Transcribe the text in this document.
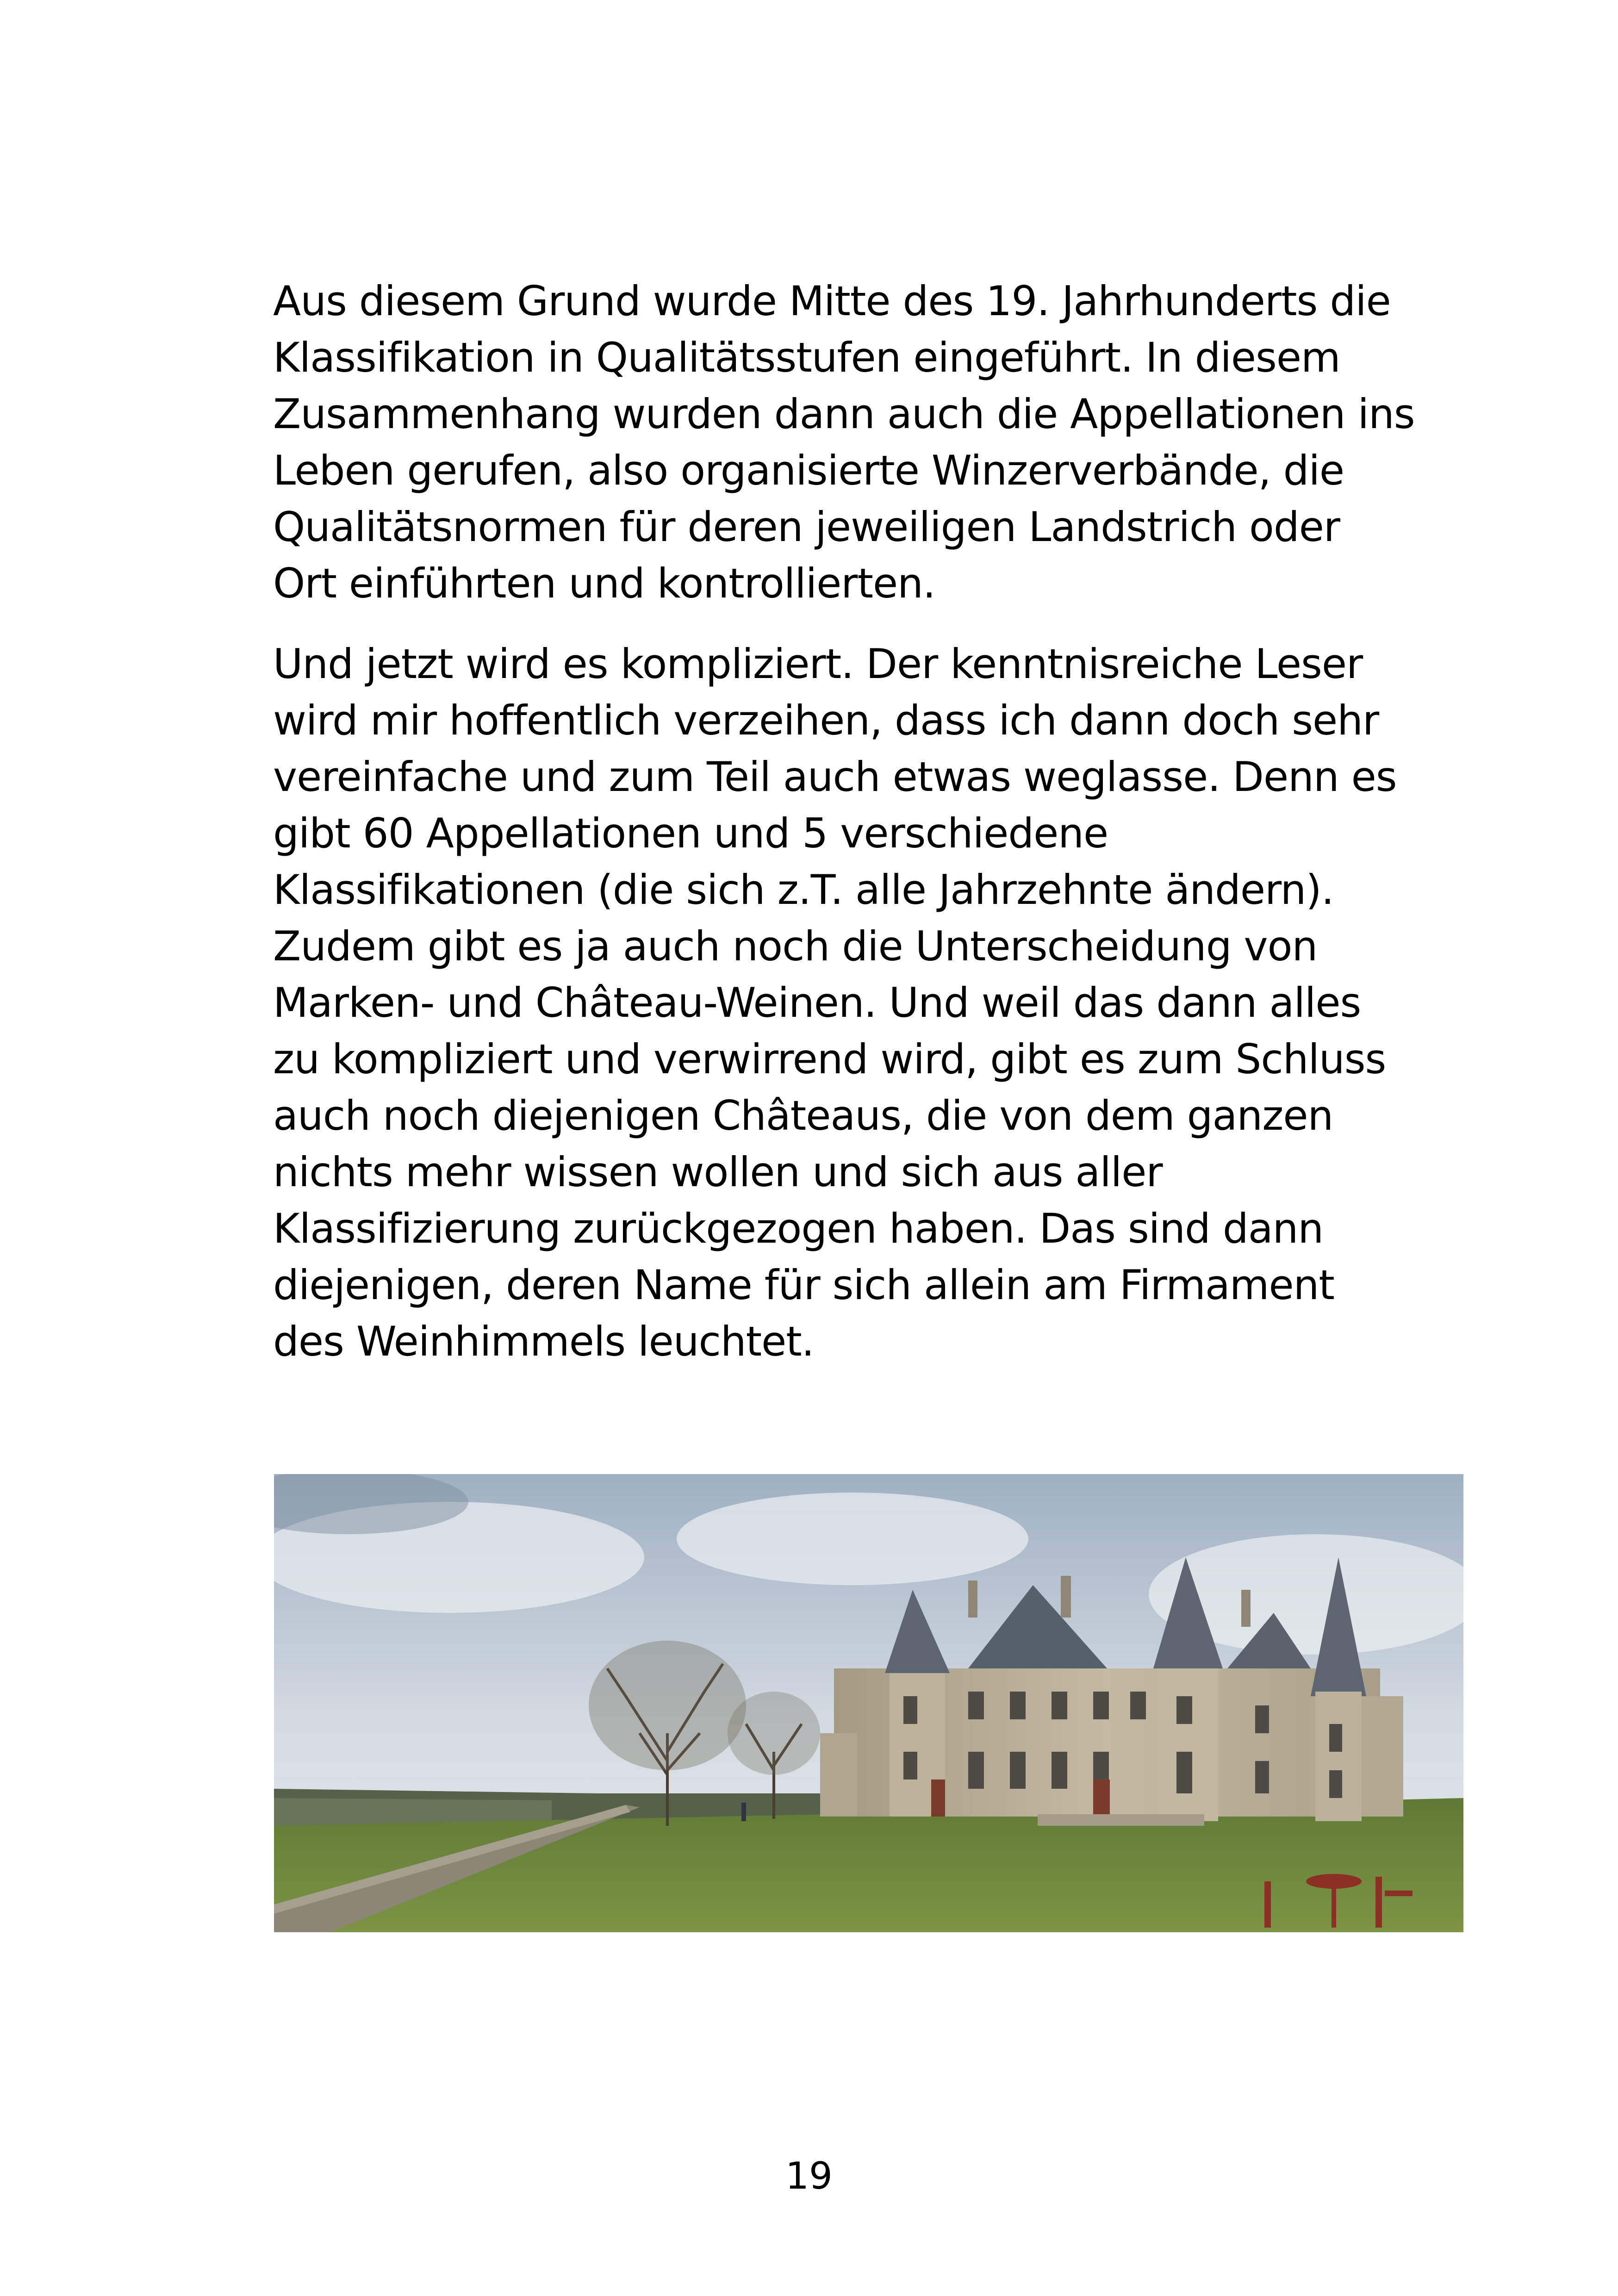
Aus diesem Grund wurde Mitte des 19. Jahrhunderts die
Klassifikation in Qualitätsstufen eingeführt. In diesem
Zusammenhang wurden dann auch die Appellationen ins
Leben gerufen, also organisierte Winzerverbände, die
Qualitätsnormen für deren jeweiligen Landstrich oder
Ort einführten und kontrollierten.

Und jetzt wird es kompliziert. Der kenntnisreiche Leser
wird mir hoffentlich verzeihen, dass ich dann doch sehr
vereinfache und zum Teil auch etwas weglasse. Denn es
gibt 60 Appellationen und 5 verschiedene
Klassifikationen (die sich z.T. alle Jahrzehnte ändern).
Zudem gibt es ja auch noch die Unterscheidung von
Marken- und Château-Weinen. Und weil das dann alles
zu kompliziert und verwirrend wird, gibt es zum Schluss
auch noch diejenigen Châteaus, die von dem ganzen
nichts mehr wissen wollen und sich aus aller
Klassifizierung zurückgezogen haben. Das sind dann
diejenigen, deren Name für sich allein am Firmament
des Weinhimmels leuchtet.

19
